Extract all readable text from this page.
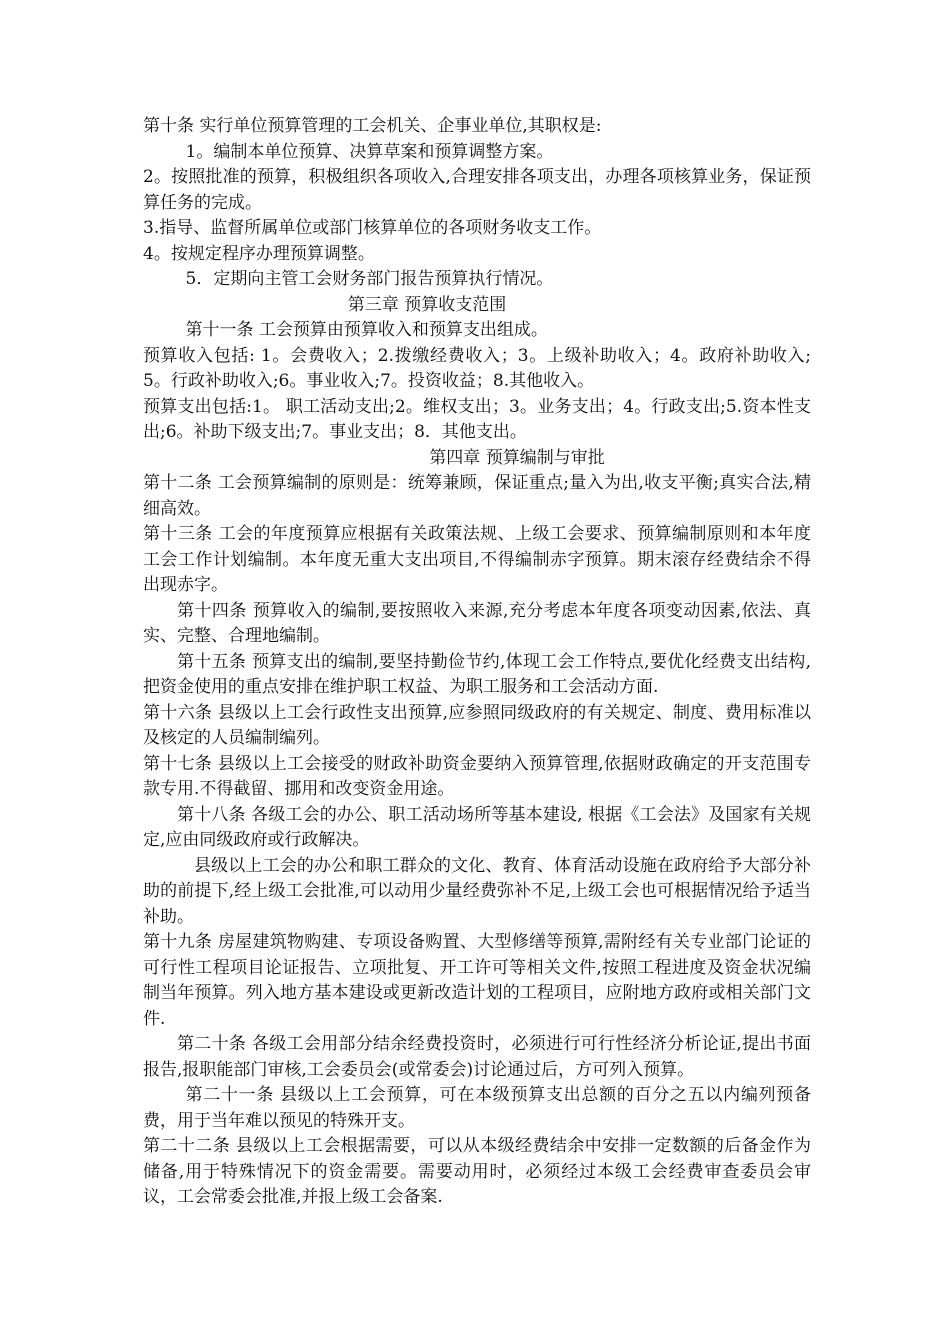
第十条 实行单位预算管理的工会机关、企事业单位,其职权是:

1。编制本单位预算、决算草案和预算调整方案。

2。按照批准的预算，积极组织各项收入,合理安排各项支出，办理各项核算业务，保证预算任务的完成。

3.指导、监督所属单位或部门核算单位的各项财务收支工作。

4。按规定程序办理预算调整。

5．定期向主管工会财务部门报告预算执行情况。

第三章 预算收支范围

第十一条 工会预算由预算收入和预算支出组成。

预算收入包括: 1。会费收入；2.拨缴经费收入；3。上级补助收入；4。政府补助收入;5。行政补助收入;6。事业收入;7。投资收益；8.其他收入。

预算支出包括:1。 职工活动支出;2。维权支出；3。业务支出；4。行政支出;5.资本性支出;6。补助下级支出;7。事业支出；8．其他支出。

第四章 预算编制与审批

第十二条 工会预算编制的原则是：统筹兼顾，保证重点;量入为出,收支平衡;真实合法,精细高效。

第十三条 工会的年度预算应根据有关政策法规、上级工会要求、预算编制原则和本年度工会工作计划编制。本年度无重大支出项目,不得编制赤字预算。期末滚存经费结余不得出现赤字。

第十四条 预算收入的编制,要按照收入来源,充分考虑本年度各项变动因素,依法、真实、完整、合理地编制。

第十五条 预算支出的编制,要坚持勤俭节约,体现工会工作特点,要优化经费支出结构,把资金使用的重点安排在维护职工权益、为职工服务和工会活动方面.

第十六条 县级以上工会行政性支出预算,应参照同级政府的有关规定、制度、费用标准以及核定的人员编制编列。

第十七条 县级以上工会接受的财政补助资金要纳入预算管理,依据财政确定的开支范围专款专用.不得截留、挪用和改变资金用途。

第十八条 各级工会的办公、职工活动场所等基本建设, 根据《工会法》及国家有关规定,应由同级政府或行政解决。

县级以上工会的办公和职工群众的文化、教育、体育活动设施在政府给予大部分补助的前提下,经上级工会批准,可以动用少量经费弥补不足,上级工会也可根据情况给予适当补助。

第十九条 房屋建筑物购建、专项设备购置、大型修缮等预算,需附经有关专业部门论证的可行性工程项目论证报告、立项批复、开工许可等相关文件,按照工程进度及资金状况编制当年预算。列入地方基本建设或更新改造计划的工程项目，应附地方政府或相关部门文件.

第二十条 各级工会用部分结余经费投资时，必须进行可行性经济分析论证,提出书面报告,报职能部门审核,工会委员会(或常委会)讨论通过后，方可列入预算。

第二十一条 县级以上工会预算，可在本级预算支出总额的百分之五以内编列预备费，用于当年难以预见的特殊开支。

第二十二条 县级以上工会根据需要，可以从本级经费结余中安排一定数额的后备金作为储备,用于特殊情况下的资金需要。需要动用时，必须经过本级工会经费审查委员会审议，工会常委会批准,并报上级工会备案.
